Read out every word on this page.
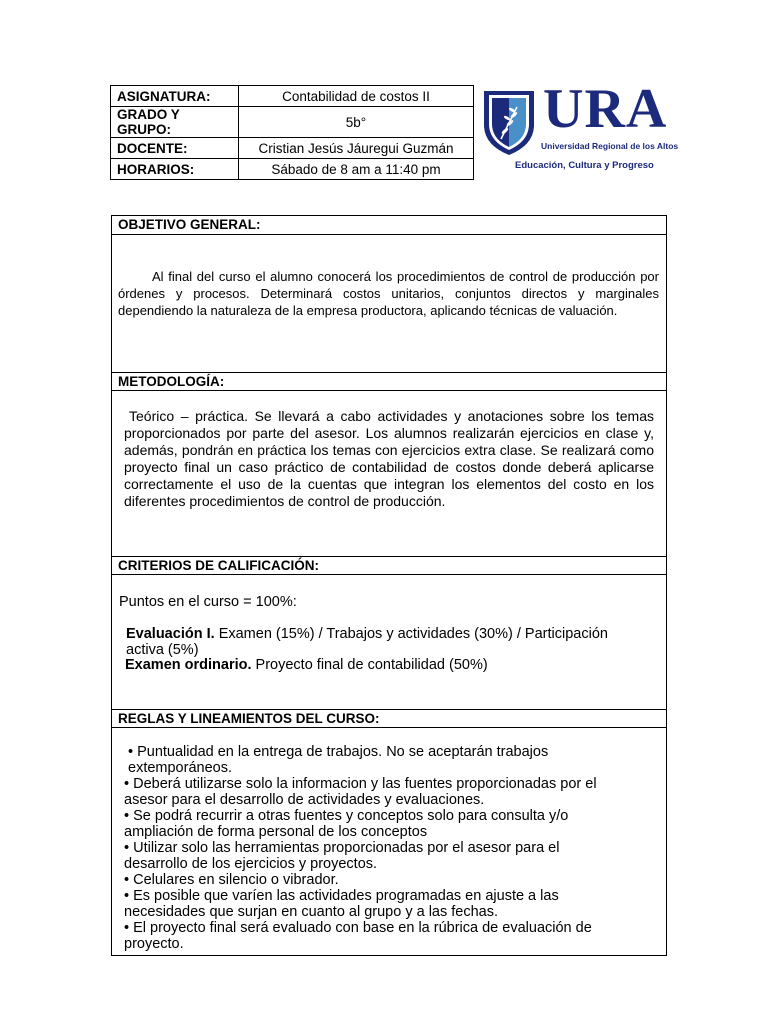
ASIGNATURA:	Contabilidad de costos II
GRADO Y GRUPO:	5b°
DOCENTE:	Cristian Jesús Jáuregui Guzmán
HORARIOS:	Sábado de 8 am a 11:40 pm
URA
Universidad Regional de los Altos
Educación, Cultura y Progreso
OBJETIVO GENERAL:
Al final del curso el alumno conocerá los procedimientos de control de producción por órdenes y procesos. Determinará costos unitarios, conjuntos directos y marginales dependiendo la naturaleza de la empresa productora, aplicando técnicas de valuación.
METODOLOGÍA:
Teórico – práctica. Se llevará a cabo actividades y anotaciones sobre los temas proporcionados por parte del asesor. Los alumnos realizarán ejercicios en clase y, además, pondrán en práctica los temas con ejercicios extra clase. Se realizará como proyecto final un caso práctico de contabilidad de costos donde deberá aplicarse correctamente el uso de la cuentas que integran los elementos del costo en los diferentes procedimientos de control de producción.
CRITERIOS DE CALIFICACIÓN:
Puntos en el curso = 100%:
Evaluación I. Examen (15%) / Trabajos y actividades (30%) / Participación activa (5%)
Examen ordinario. Proyecto final de contabilidad (50%)
REGLAS Y LINEAMIENTOS DEL CURSO:
• Puntualidad en la entrega de trabajos. No se aceptarán trabajos extemporáneos.
• Deberá utilizarse solo la informacion y las fuentes proporcionadas por el asesor para el desarrollo de actividades y evaluaciones.
• Se podrá recurrir a otras fuentes y conceptos solo para consulta y/o ampliación de forma personal de los conceptos
• Utilizar solo las herramientas proporcionadas por el asesor para el desarrollo de los ejercicios y proyectos.
• Celulares en silencio o vibrador.
• Es posible que varíen las actividades programadas en ajuste a las necesidades que surjan en cuanto al grupo y a las fechas.
• El proyecto final será evaluado con base en la rúbrica de evaluación de proyecto.
